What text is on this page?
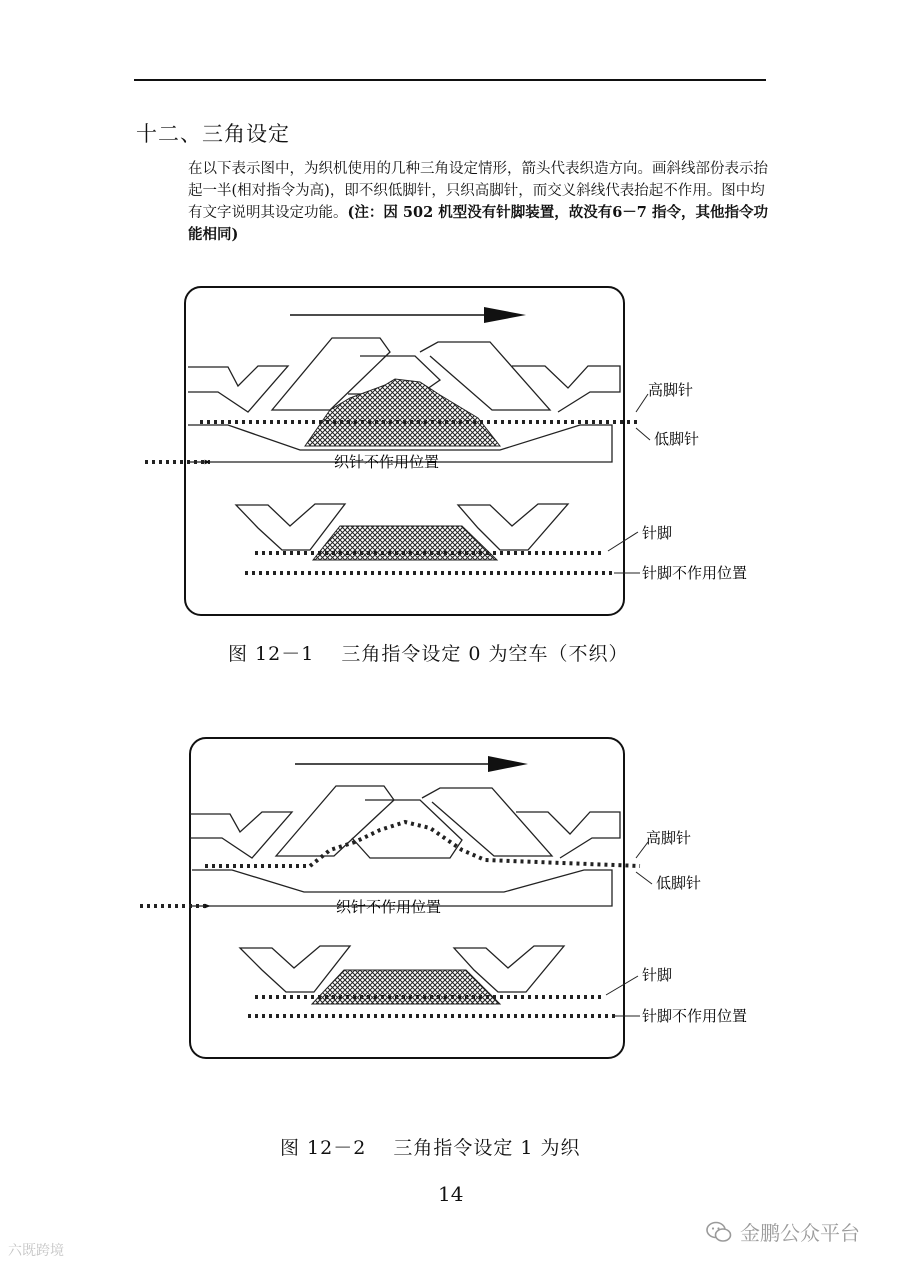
十二、三角设定
在以下表示图中，为织机使用的几种三角设定情形，箭头代表织造方向。画斜线部份表示抬起一半(相对指令为高)，即不织低脚针，只织高脚针，而交义斜线代表抬起不作用。图中均有文字说明其设定功能。(注：因 502 机型没有针脚装置，故没有6－7 指令，其他指令功能相同)
高脚针
低脚针
织针不作用位置
针脚
针脚不作用位置
高脚针
低脚针
织针不作用位置
针脚
针脚不作用位置
图 12－1　 三角指令设定 0 为空车（不织）
图 12－2　 三角指令设定 1 为织
14
六既跨境
金鹏公众平台
